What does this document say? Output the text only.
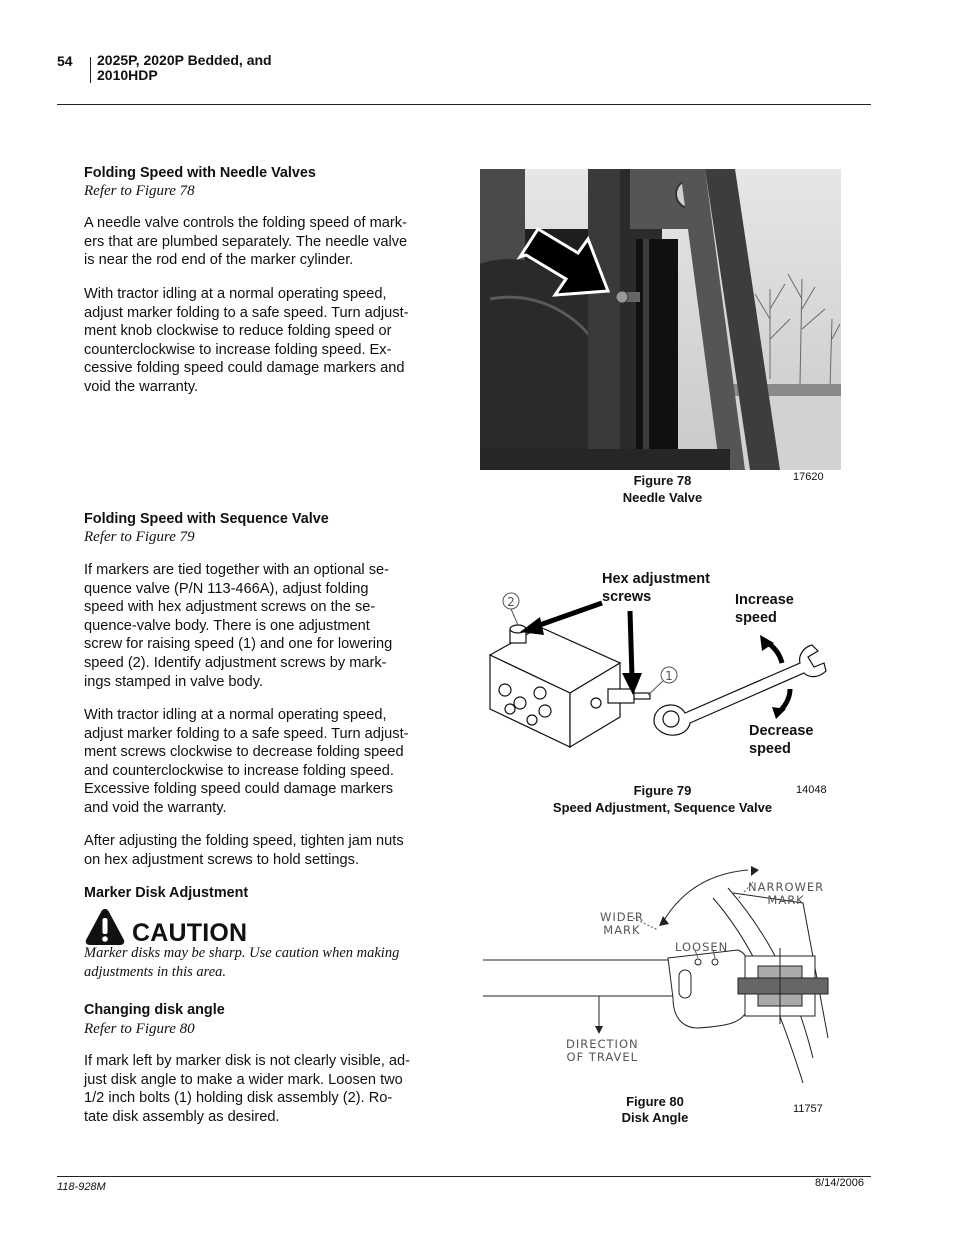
54 2025P, 2020P Bedded, and
2010HDP
Folding Speed with Needle Valves
Refer to Figure 78

A needle valve controls the folding speed of mark-
ers that are plumbed separately. The needle valve
is near the rod end of the marker cylinder.

With tractor idling at a normal operating speed,
adjust marker folding to a safe speed. Turn adjust-
ment knob clockwise to reduce folding speed or
counterclockwise to increase folding speed. Ex-
cessive folding speed could damage markers and
void the warranty.

Folding Speed with Sequence Valve
Refer to Figure 79

If markers are tied together with an optional se-
quence valve (P/N 113-466A), adjust folding
speed with hex adjustment screws on the se-
quence-valve body. There is one adjustment
screw for raising speed (1) and one for lowering
speed (2). Identify adjustment screws by mark-
ings stamped in valve body.

With tractor idling at a normal operating speed,
adjust marker folding to a safe speed. Turn adjust-
ment screws clockwise to decrease folding speed
and counterclockwise to increase folding speed.
Excessive folding speed could damage markers
and void the warranty.

After adjusting the folding speed, tighten jam nuts
on hex adjustment screws to hold settings.

Marker Disk Adjustment
CAUTION
Marker disks may be sharp. Use caution when making
adjustments in this area.
Changing disk angle
Refer to Figure 80

If mark left by marker disk is not clearly visible, ad-
just disk angle to make a wider mark. Loosen two
1/2 inch bolts (1) holding disk assembly (2). Ro-
tate disk assembly as desired.

Figure 78
Needle Valve
17620
Hex adjustment
screws	Increase
speed
Decrease
speed
2
1
Figure 79
Speed Adjustment, Sequence Valve
14048
NARROWER
MARK
WIDER
MARK
LOOSEN
DIRECTION
OF TRAVEL
Figure 80
Disk Angle
11757
118-928M	8/14/2006
